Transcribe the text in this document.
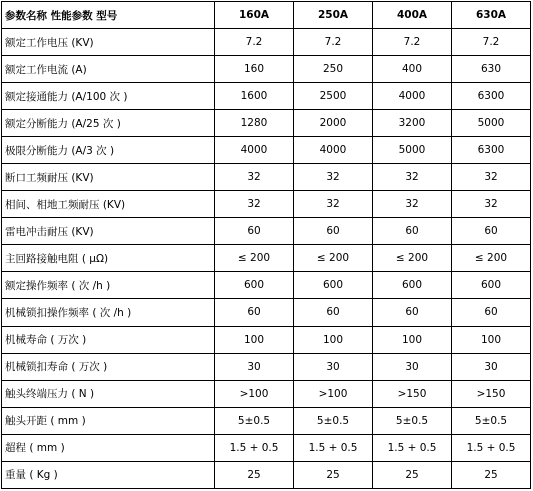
参数名称 性能参数 型号	160A	250A	400A	630A
额定工作电压 (KV)	7.2	7.2	7.2	7.2
额定工作电流 (A)	160	250	400	630
额定接通能力 (A/100 次 )	1600	2500	4000	6300
额定分断能力 (A/25 次 )	1280	2000	3200	5000
极限分断能力 (A/3 次 )	4000	4000	5000	6300
断口工频耐压 (KV)	32	32	32	32
相间、相地工频耐压 (KV)	32	32	32	32
雷电冲击耐压 (KV)	60	60	60	60
主回路接触电阻 ( μΩ)	≤ 200	≤ 200	≤ 200	≤ 200
额定操作频率 ( 次 /h )	600	600	600	600
机械锁扣操作频率 ( 次 /h )	60	60	60	60
机械寿命 ( 万次 )	100	100	100	100
机械锁扣寿命 ( 万次 )	30	30	30	30
触头终端压力 ( N )	>100	>100	>150	>150
触头开距 ( mm )	5±0.5	5±0.5	5±0.5	5±0.5
超程 ( mm )	1.5 + 0.5	1.5 + 0.5	1.5 + 0.5	1.5 + 0.5
重量 ( Kg )	25	25	25	25
